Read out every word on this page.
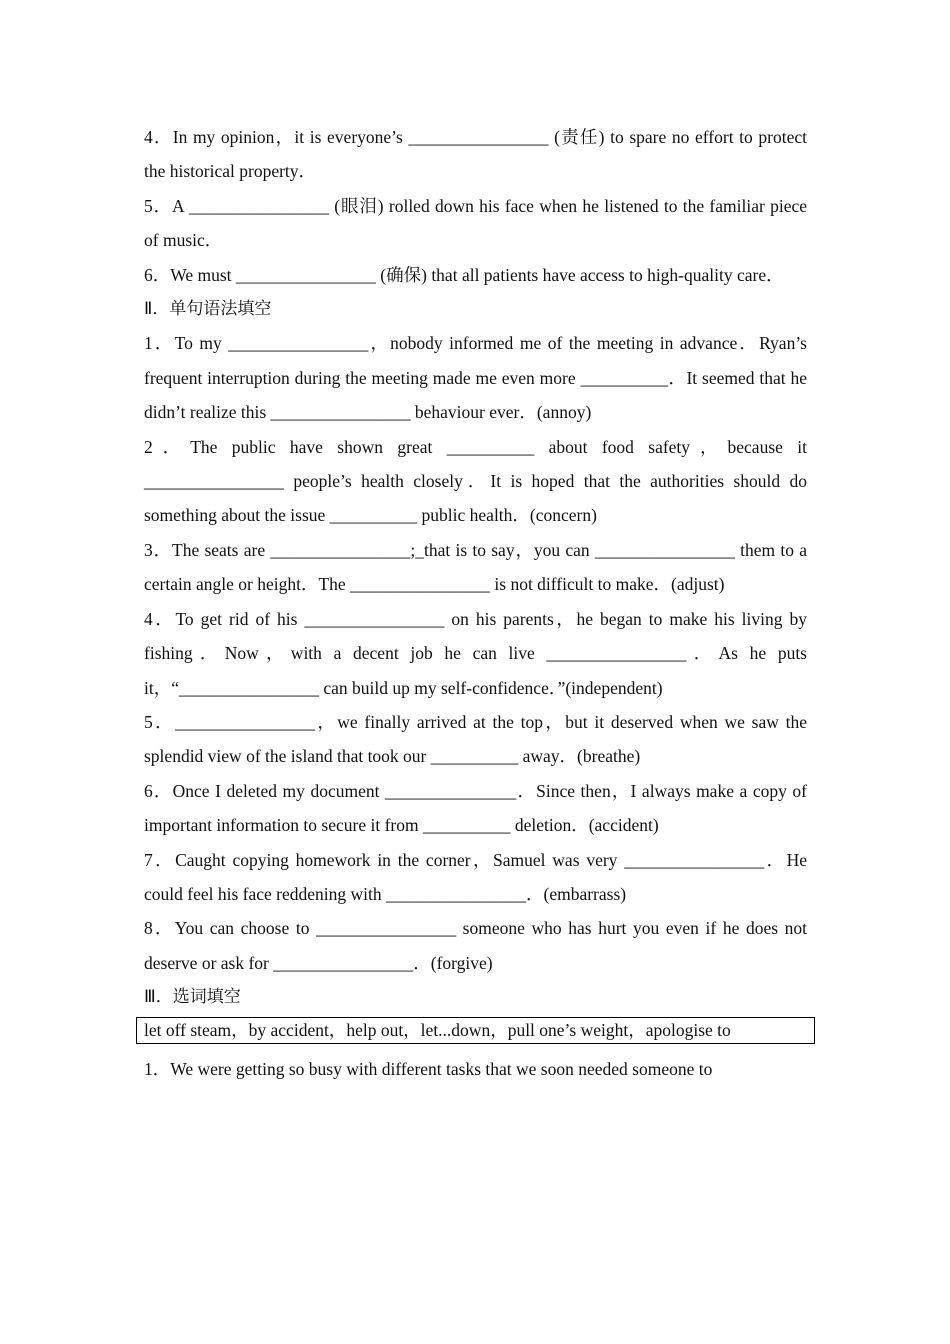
4．In my opinion，it is everyone’s ________________ (责任) to spare no effort to protect the historical property．

5．A ________________ (眼泪) rolled down his face when he listened to the familiar piece of music．

6．We must ________________ (确保) that all patients have access to high-quality care．

Ⅱ．单句语法填空

1．To my ________________，nobody informed me of the meeting in advance．Ryan’s frequent interruption during the meeting made me even more __________．It seemed that he didn’t realize this ________________ behaviour ever．(annoy)

2．The public have shown great __________ about food safety，because it ________________ people’s health closely．It is hoped that the authorities should do something about the issue __________ public health．(concern)

3．The seats are ________________;_that is to say，you can ________________ them to a certain angle or height．The ________________ is not difficult to make．(adjust)

4．To get rid of his ________________ on his parents，he began to make his living by fishing．Now，with a decent job he can live ________________．As he puts it，“________________ can build up my self-confidence．”(independent)

5．________________，we finally arrived at the top，but it deserved when we saw the splendid view of the island that took our __________ away．(breathe)

6．Once I deleted my document _______________．Since then，I always make a copy of important information to secure it from __________ deletion．(accident)

7．Caught copying homework in the corner，Samuel was very ________________．He could feel his face reddening with ________________．(embarrass)

8．You can choose to ________________ someone who has hurt you even if he does not deserve or ask for ________________．(forgive)

Ⅲ．选词填空

let off steam，by accident，help out，let...down，pull one’s weight，apologise to

1．We were getting so busy with different tasks that we soon needed someone to
